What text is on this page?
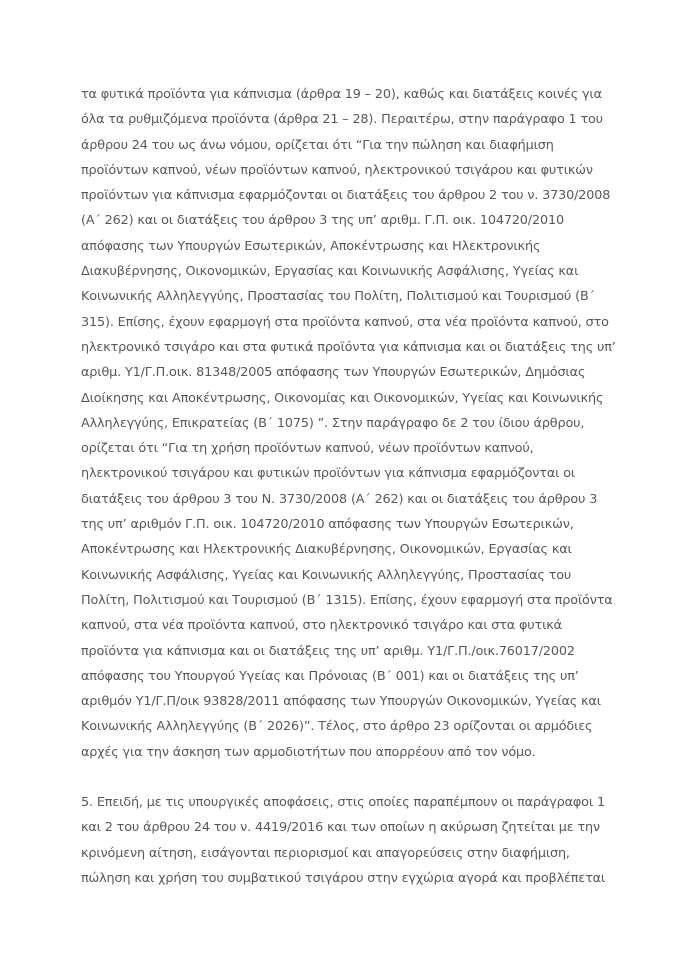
τα φυτικά προϊόντα για κάπνισμα (άρθρα 19 – 20), καθώς και διατάξεις κοινές για
όλα τα ρυθμιζόμενα προϊόντα (άρθρα 21 – 28). Περαιτέρω, στην παράγραφο 1 του
άρθρου 24 του ως άνω νόμου, ορίζεται ότι “Για την πώληση και διαφήμιση
προϊόντων καπνού, νέων προϊόντων καπνού, ηλεκτρονικού τσιγάρου και φυτικών
προϊόντων για κάπνισμα εφαρμόζονται οι διατάξεις του άρθρου 2 του ν. 3730/2008
(Α΄ 262) και οι διατάξεις του άρθρου 3 της υπ’ αριθμ. Γ.Π. οικ. 104720/2010
απόφασης των Υπουργών Εσωτερικών, Αποκέντρωσης και Ηλεκτρονικής
Διακυβέρνησης, Οικονομικών, Εργασίας και Κοινωνικής Ασφάλισης, Υγείας και
Κοινωνικής Αλληλεγγύης, Προστασίας του Πολίτη, Πολιτισμού και Τουρισμού (Β΄
315). Επίσης, έχουν εφαρμογή στα προϊόντα καπνού, στα νέα προϊόντα καπνού, στο
ηλεκτρονικό τσιγάρο και στα φυτικά προϊόντα για κάπνισμα και οι διατάξεις της υπ’
αριθμ. Υ1/Γ.Π.οικ. 81348/2005 απόφασης των Υπουργών Εσωτερικών, Δημόσιας
Διοίκησης και Αποκέντρωσης, Οικονομίας και Οικονομικών, Υγείας και Κοινωνικής
Αλληλεγγύης, Επικρατείας (Β΄ 1075) ”. Στην παράγραφο δε 2 του ίδιου άρθρου,
ορίζεται ότι “Για τη χρήση προϊόντων καπνού, νέων προϊόντων καπνού,
ηλεκτρονικού τσιγάρου και φυτικών προϊόντων για κάπνισμα εφαρμόζονται οι
διατάξεις του άρθρου 3 του Ν. 3730/2008 (Α΄ 262) και οι διατάξεις του άρθρου 3
της υπ’ αριθμόν Γ.Π. οικ. 104720/2010 απόφασης των Υπουργών Εσωτερικών,
Αποκέντρωσης και Ηλεκτρονικής Διακυβέρνησης, Οικονομικών, Εργασίας και
Κοινωνικής Ασφάλισης, Υγείας και Κοινωνικής Αλληλεγγύης, Προστασίας του
Πολίτη, Πολιτισμού και Τουρισμού (Β΄ 1315). Επίσης, έχουν εφαρμογή στα προϊόντα
καπνού, στα νέα προϊόντα καπνού, στο ηλεκτρονικό τσιγάρο και στα φυτικά
προϊόντα για κάπνισμα και οι διατάξεις της υπ’ αριθμ. Υ1/Γ.Π./οικ.76017/2002
απόφασης του Υπουργού Υγείας και Πρόνοιας (Β΄ 001) και οι διατάξεις της υπ’
αριθμόν Υ1/Γ.Π/οικ 93828/2011 απόφασης των Υπουργών Οικονομικών, Υγείας και
Κοινωνικής Αλληλεγγύης (Β΄ 2026)”. Τέλος, στο άρθρο 23 ορίζονται οι αρμόδιες
αρχές για την άσκηση των αρμοδιοτήτων που απορρέουν από τον νόμο.
5. Επειδή, με τις υπουργικές αποφάσεις, στις οποίες παραπέμπουν οι παράγραφοι 1
και 2 του άρθρου 24 του ν. 4419/2016 και των οποίων η ακύρωση ζητείται με την
κρινόμενη αίτηση, εισάγονται περιορισμοί και απαγορεύσεις στην διαφήμιση,
πώληση και χρήση του συμβατικού τσιγάρου στην εγχώρια αγορά και προβλέπεται
